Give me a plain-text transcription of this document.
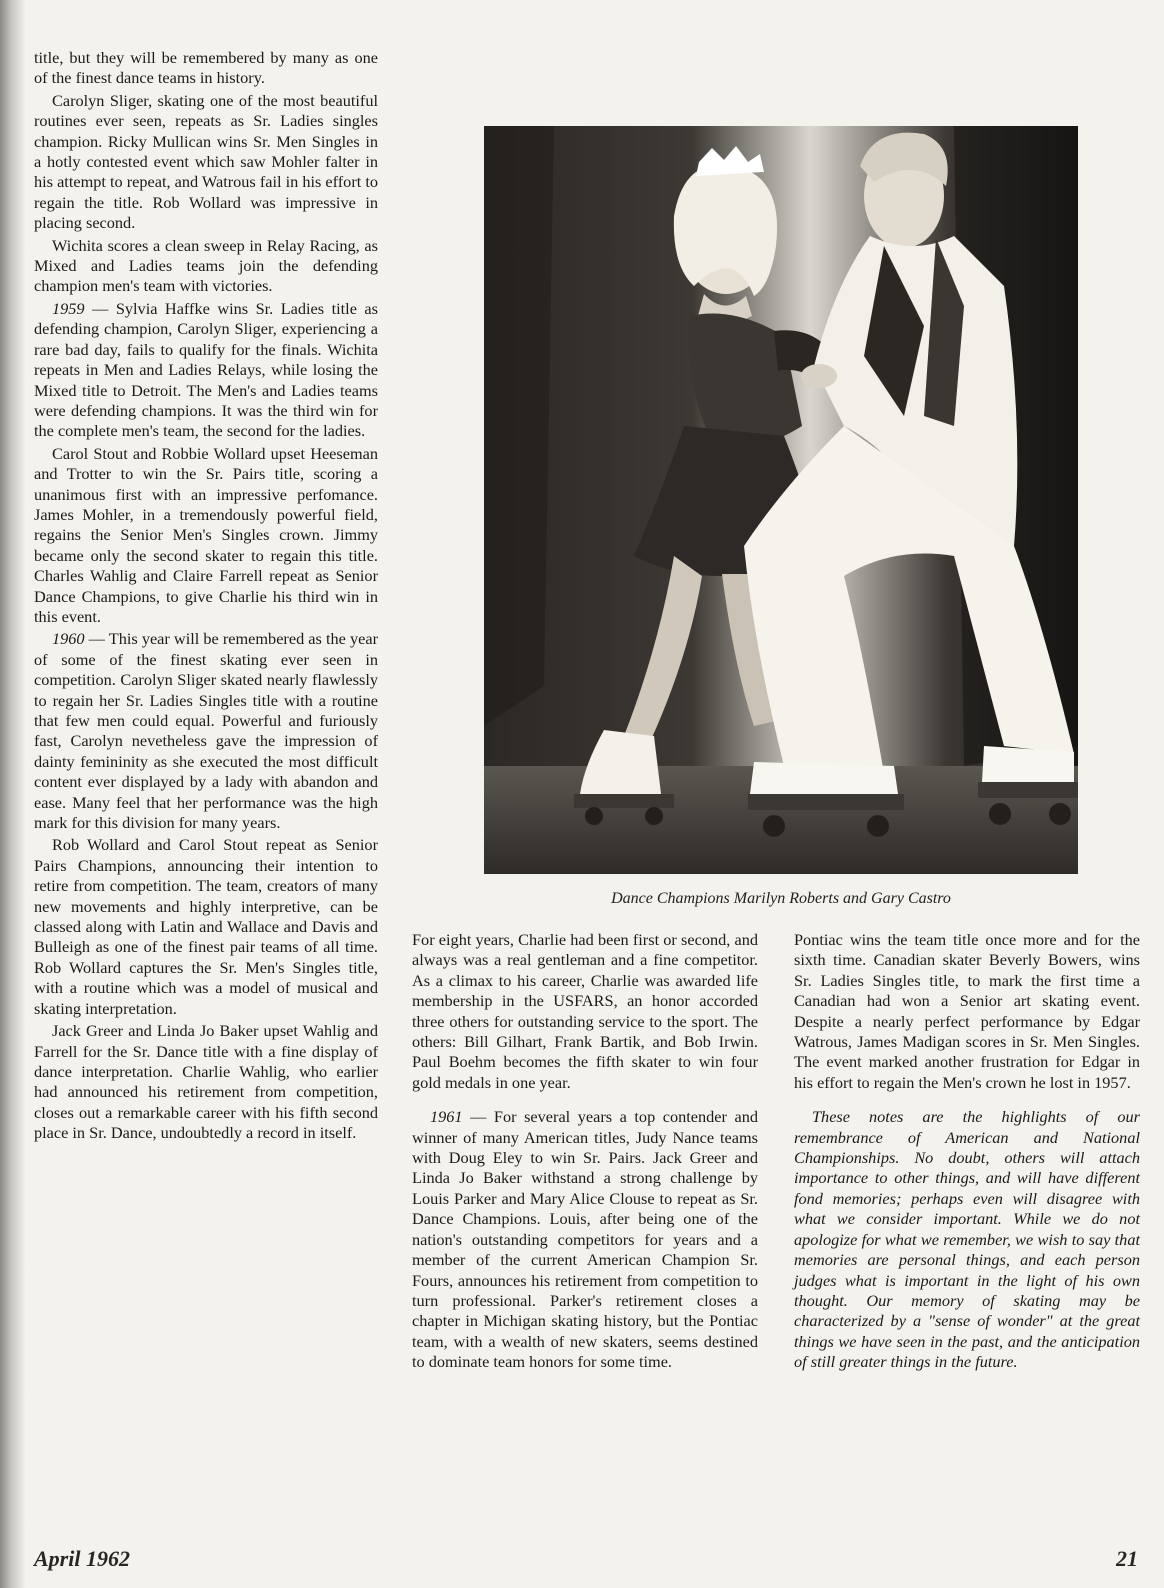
title, but they will be remembered by many as one of the finest dance teams in history.

Carolyn Sliger, skating one of the most beautiful routines ever seen, repeats as Sr. Ladies singles champion. Ricky Mullican wins Sr. Men Singles in a hotly contested event which saw Mohler falter in his attempt to repeat, and Watrous fail in his effort to regain the title. Rob Wollard was impressive in placing second.

Wichita scores a clean sweep in Relay Racing, as Mixed and Ladies teams join the defending champion men's team with victories.

1959 — Sylvia Haffke wins Sr. Ladies title as defending champion, Carolyn Sliger, experiencing a rare bad day, fails to qualify for the finals. Wichita repeats in Men and Ladies Relays, while losing the Mixed title to Detroit. The Men's and Ladies teams were defending champions. It was the third win for the complete men's team, the second for the ladies.

Carol Stout and Robbie Wollard upset Heeseman and Trotter to win the Sr. Pairs title, scoring a unanimous first with an impressive perfomance. James Mohler, in a tremendously powerful field, regains the Senior Men's Singles crown. Jimmy became only the second skater to regain this title. Charles Wahlig and Claire Farrell repeat as Senior Dance Champions, to give Charlie his third win in this event.

1960 — This year will be remembered as the year of some of the finest skating ever seen in competition. Carolyn Sliger skated nearly flawlessly to regain her Sr. Ladies Singles title with a routine that few men could equal. Powerful and furiously fast, Carolyn nevetheless gave the impression of dainty femininity as she executed the most difficult content ever displayed by a lady with abandon and ease. Many feel that her performance was the high mark for this division for many years.

Rob Wollard and Carol Stout repeat as Senior Pairs Champions, announcing their intention to retire from competition. The team, creators of many new movements and highly interpretive, can be classed along with Latin and Wallace and Davis and Bulleigh as one of the finest pair teams of all time. Rob Wollard captures the Sr. Men's Singles title, with a routine which was a model of musical and skating interpretation.

Jack Greer and Linda Jo Baker upset Wahlig and Farrell for the Sr. Dance title with a fine display of dance interpretation. Charlie Wahlig, who earlier had announced his retirement from competition, closes out a remarkable career with his fifth second place in Sr. Dance, undoubtedly a record in itself.

Dance Champions Marilyn Roberts and Gary Castro

For eight years, Charlie had been first or second, and always was a real gentleman and a fine competitor. As a climax to his career, Charlie was awarded life membership in the USFARS, an honor accorded three others for outstanding service to the sport. The others: Bill Gilhart, Frank Bartik, and Bob Irwin. Paul Boehm becomes the fifth skater to win four gold medals in one year.

1961 — For several years a top contender and winner of many American titles, Judy Nance teams with Doug Eley to win Sr. Pairs. Jack Greer and Linda Jo Baker withstand a strong challenge by Louis Parker and Mary Alice Clouse to repeat as Sr. Dance Champions. Louis, after being one of the nation's outstanding competitors for years and a member of the current American Champion Sr. Fours, announces his retirement from competition to turn professional. Parker's retirement closes a chapter in Michigan skating history, but the Pontiac team, with a wealth of new skaters, seems destined to dominate team honors for some time.

Pontiac wins the team title once more and for the sixth time. Canadian skater Beverly Bowers, wins Sr. Ladies Singles title, to mark the first time a Canadian had won a Senior art skating event. Despite a nearly perfect performance by Edgar Watrous, James Madigan scores in Sr. Men Singles. The event marked another frustration for Edgar in his effort to regain the Men's crown he lost in 1957.

These notes are the highlights of our remembrance of American and National Championships. No doubt, others will attach importance to other things, and will have different fond memories; perhaps even will disagree with what we consider important. While we do not apologize for what we remember, we wish to say that memories are personal things, and each person judges what is important in the light of his own thought. Our memory of skating may be characterized by a "sense of wonder" at the great things we have seen in the past, and the anticipation of still greater things in the future.

April 1962	21
